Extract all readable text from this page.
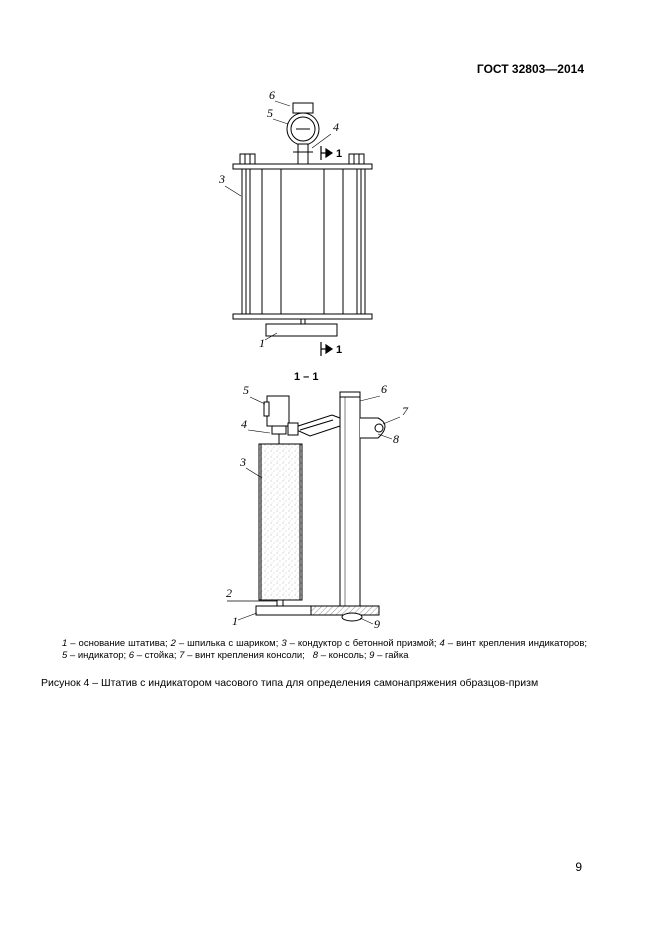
ГОСТ 32803—2014
1
1
6
5
4
3
1
1 – 1
5
4
3
2
1
6
7
8
9
1 – основание штатива; 2 – шпилька с шариком; 3 – кондуктор с бетонной призмой; 4 – винт крепления индикаторов; 5 – индикатор; 6 – стойка; 7 – винт крепления консоли;   8 – консоль; 9 – гайка
Рисунок 4 – Штатив с индикатором часового типа для определения самонапряжения образцов-призм
9
